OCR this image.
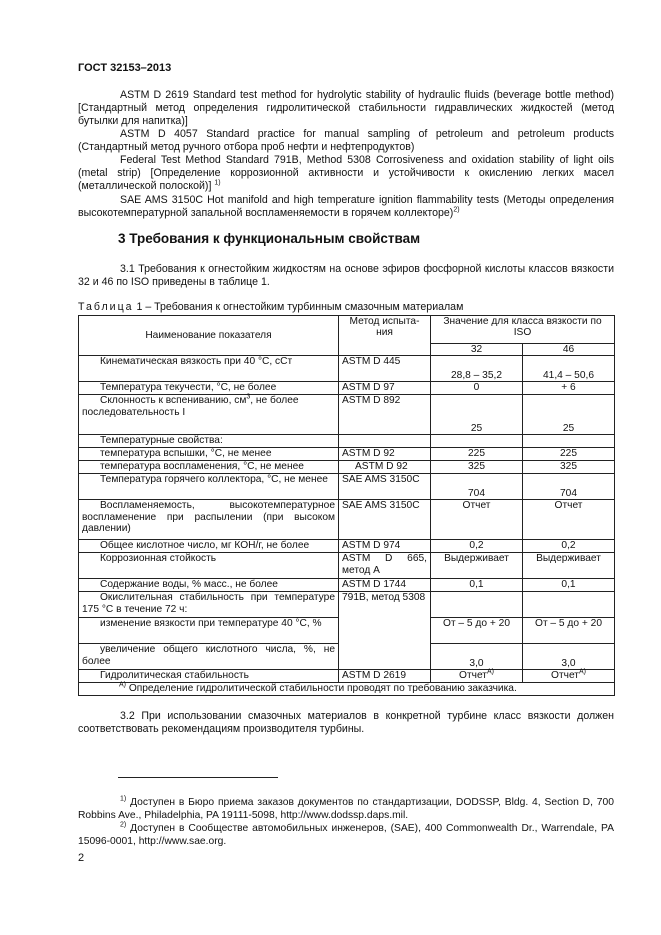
ГОСТ 32153–2013
ASTM D 2619 Standard test method for hydrolytic stability of hydraulic fluids (beverage bottle method) [Стандартный метод определения гидролитической стабильности гидравлических жидкостей (метод бутылки для напитка)]
ASTM D 4057 Standard practice for manual sampling of petroleum and petroleum products (Стандартный метод ручного отбора проб нефти и нефтепродуктов)
Federal Test Method Standard 791B, Method 5308 Corrosiveness and oxidation stability of light oils (metal strip) [Определение коррозионной активности и устойчивости к окислению легких масел (металлической полоской)] $^{1)}$
SAE AMS 3150C Hot manifold and high temperature ignition flammability tests (Методы определения высокотемпературной запальной воспламеняемости в горячем коллекторе)$^{2)}$
3 Требования к функциональным свойствам
3.1 Требования к огнестойким жидкостям на основе эфиров фосфорной кислоты классов вязкости 32 и 46 по ISO приведены в таблице 1.
Таблица 1 – Требования к огнестойким турбинным смазочным материалам
Наименование показателя	Метод испыта-ния	Значение для класса вязкости по ISO	
		32	46
Кинематическая вязкость при 40 °С, сСт	ASTM D 445	28,8 – 35,2	41,4 – 50,6
Температура текучести, °С, не более	ASTM D 97	0	+ 6
Склонность к вспениванию, $см^3$, не более последовательность I	ASTM D 892	25	25
Температурные свойства:			
температура вспышки, °С, не менее	ASTM D 92	225	225
температура воспламенения, °С, не менее	ASTM D 92	325	325
Температура горячего коллектора, °С, не менее	SAE AMS 3150C	704	704
Воспламеняемость, высокотемпературное воспламенение при распылении (при высоком давлении)	SAE AMS 3150C	Отчет	Отчет
Общее кислотное число, мг КОН/г, не более	ASTM D 974	0,2	0,2
Коррозионная стойкость	ASTM D 665, метод А	Выдерживает	Выдерживает
Содержание воды, % масс., не более	ASTM D 1744	0,1	0,1
Окислительная стабильность при температуре 175 °С в течение 72 ч:	791B, метод 5308		
изменение вязкости при температуре 40 °С, %		От – 5 до + 20	От – 5 до + 20
увеличение общего кислотного числа, %, не более		3,0	3,0
Гидролитическая стабильность	ASTM D 2619	Отчет$^{А)}$	Отчет$^{А)}$
$^{А)}$ Определение гидролитической стабильности проводят по требованию заказчика.			
3.2 При использовании смазочных материалов в конкретной турбине класс вязкости должен соответствовать рекомендациям производителя турбины.
$^{1)}$ Доступен в Бюро приема заказов документов по стандартизации, DODSSP, Bldg. 4, Section D, 700 Robbins Ave., Philadelphia, PA 19111-5098, http://www.dodssp.daps.mil.
$^{2)}$ Доступен в Сообществе автомобильных инженеров, (SAE), 400 Commonwealth Dr., Warrendale, PA 15096-0001, http://www.sae.org.
2
